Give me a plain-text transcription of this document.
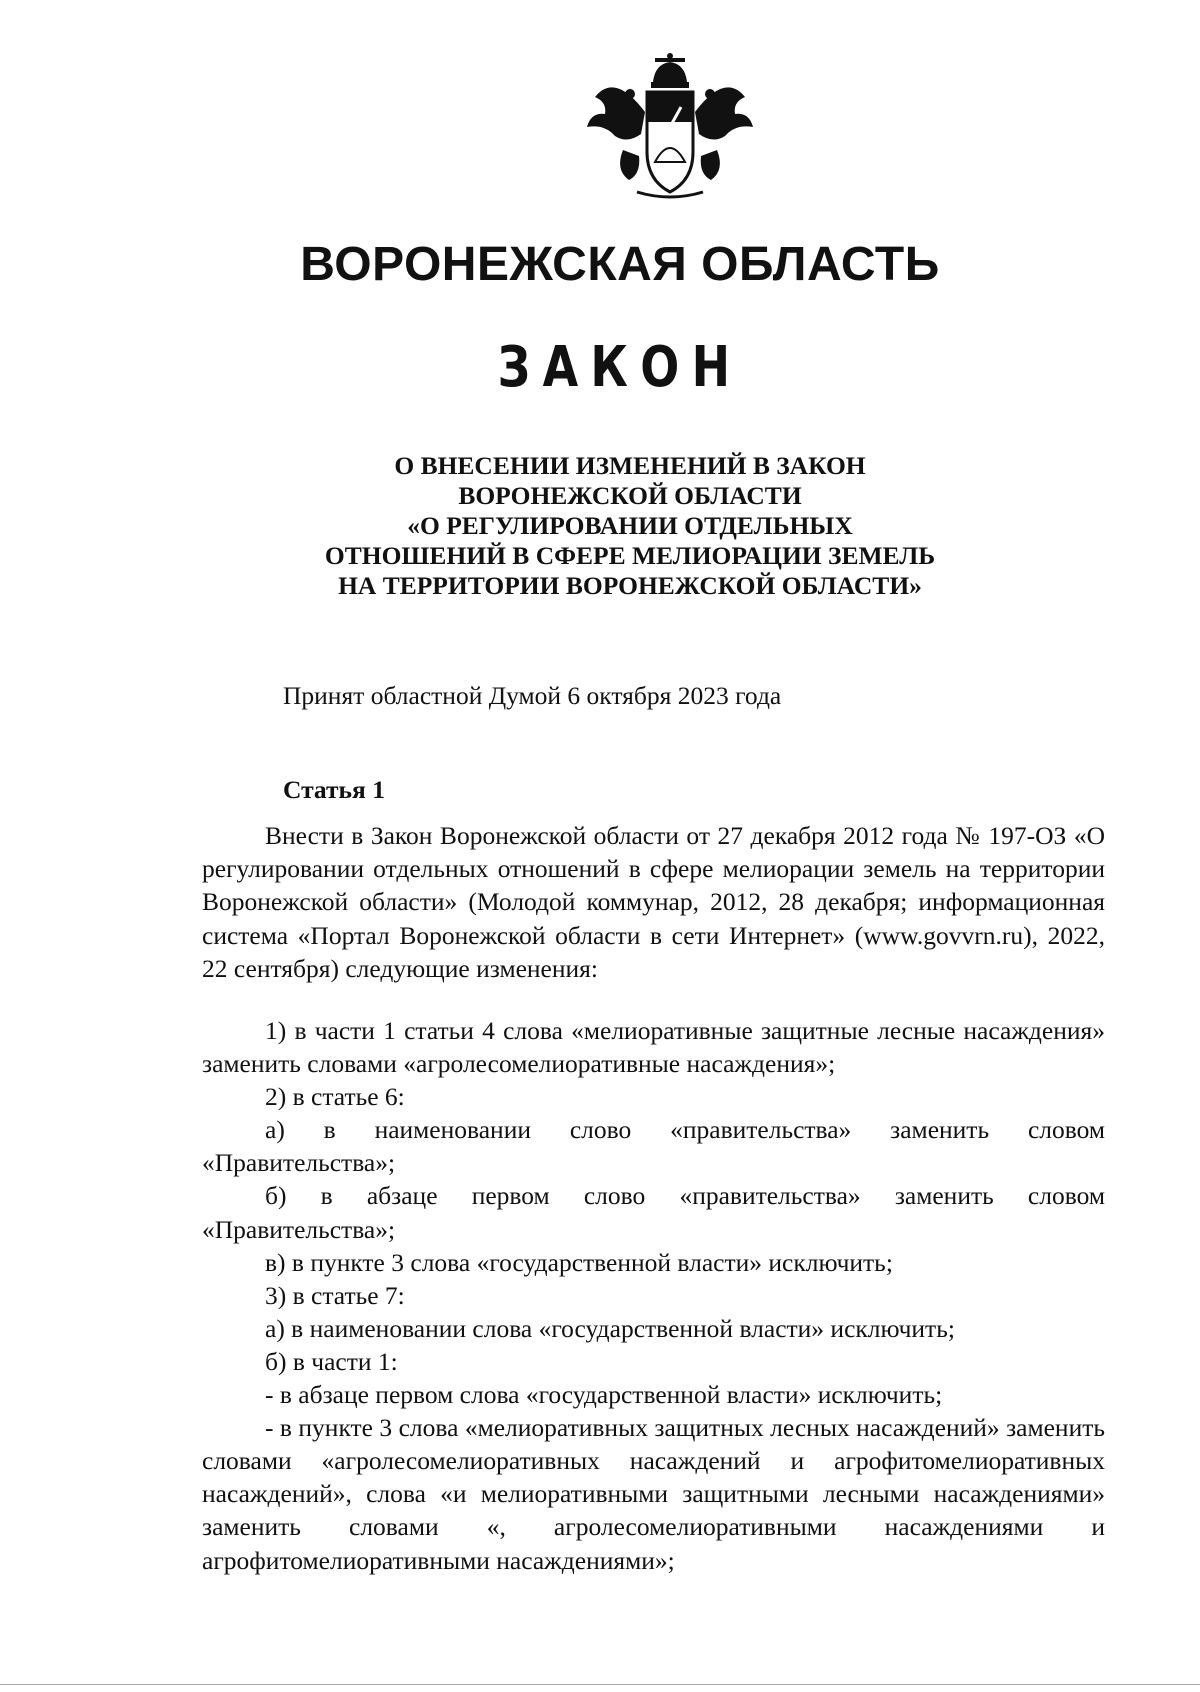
ВОРОНЕЖСКАЯ ОБЛАСТЬ
ЗАКОН
О ВНЕСЕНИИ ИЗМЕНЕНИЙ В ЗАКОН
ВОРОНЕЖСКОЙ ОБЛАСТИ
«О РЕГУЛИРОВАНИИ ОТДЕЛЬНЫХ
ОТНОШЕНИЙ В СФЕРЕ МЕЛИОРАЦИИ ЗЕМЕЛЬ
НА ТЕРРИТОРИИ ВОРОНЕЖСКОЙ ОБЛАСТИ»
Принят областной Думой 6 октября 2023 года
Статья 1
Внести в Закон Воронежской области от 27 декабря 2012 года № 197-ОЗ «О регулировании отдельных отношений в сфере мелиорации земель на территории Воронежской области» (Молодой коммунар, 2012, 28 декабря; информационная система «Портал Воронежской области в сети Интернет» (www.govvrn.ru), 2022, 22 сентября) следующие изменения:
1) в части 1 статьи 4 слова «мелиоративные защитные лесные насаждения» заменить словами «агролесомелиоративные насаждения»;
2) в статье 6:
а) в наименовании слово «правительства» заменить словом «Правительства»;
б) в абзаце первом слово «правительства» заменить словом «Правительства»;
в) в пункте 3 слова «государственной власти» исключить;
3) в статье 7:
а) в наименовании слова «государственной власти» исключить;
б) в части 1:
- в абзаце первом слова «государственной власти» исключить;
- в пункте 3 слова «мелиоративных защитных лесных насаждений» заменить словами «агролесомелиоративных насаждений и агрофитомелиоративных насаждений», слова «и мелиоративными защитными лесными насаждениями» заменить словами «, агролесомелиоративными насаждениями и агрофитомелиоративными насаждениями»;
